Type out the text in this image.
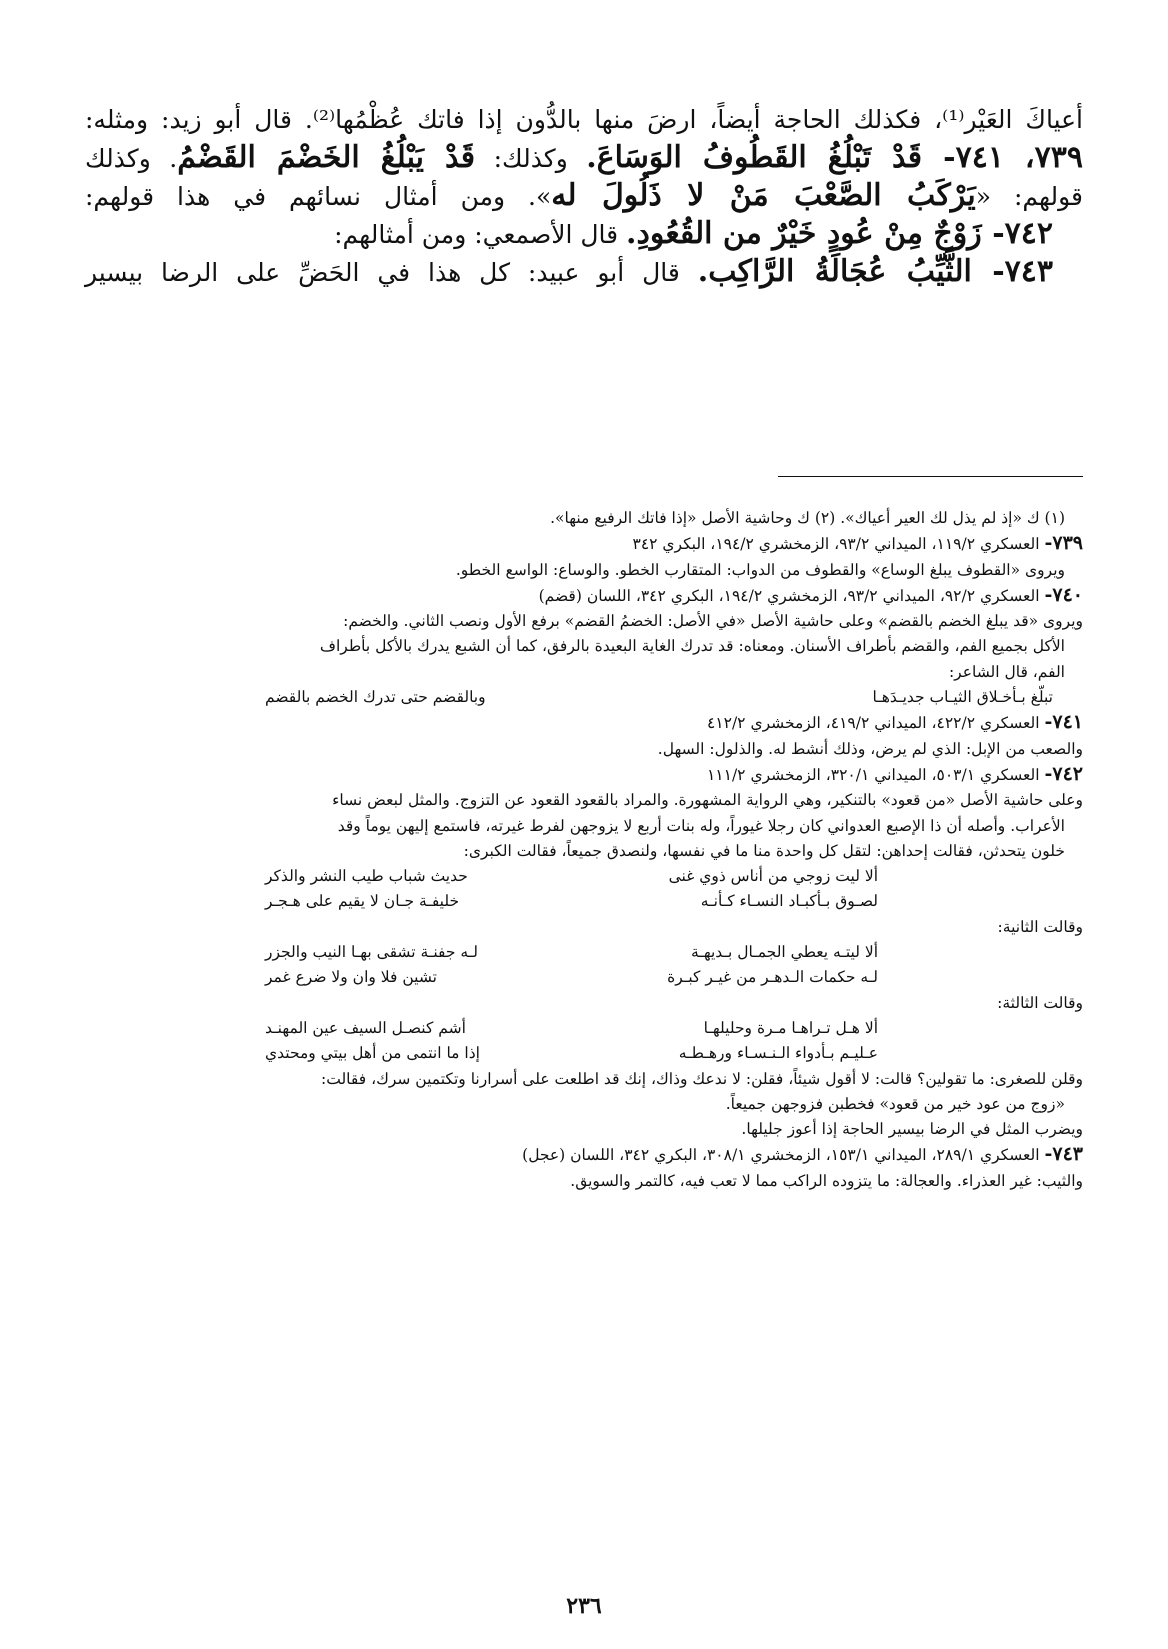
أعياكَ العَيْر⁽¹⁾، فكذلك الحاجة أيضاً، ارضَ منها بالدُّون إذا فاتك عُظْمُها⁽²⁾. قال أبو زيد: ومثله:
٧٣٩، ٧٤١- قَدْ تَبْلُغُ القَطُوفُ الوَسَاعَ. وكذلك: قَدْ يَبْلُغُ الخَضْمَ القَضْمُ. وكذلك
قولهم: «يَرْكَبُ الصَّعْبَ مَنْ لا ذَلُولَ له». ومن أمثال نسائهم في هذا قولهم:
٧٤٢- زَوْجٌ مِنْ عُودٍ خَيْرٌ من القُعُودِ. قال الأصمعي: ومن أمثالهم:
٧٤٣- الثَّيِّبُ عُجَالَةُ الرَّاكِب. قال أبو عبيد: كل هذا في الحَضِّ على الرضا بيسير
(١) ك «إذ لم يذل لك العير أعياك». (٢) ك وحاشية الأصل «إذا فاتك الرفيع منها».
٧٣٩- العسكري ١١٩/٢، الميداني ٩٣/٢، الزمخشري ١٩٤/٢، البكري ٣٤٢
ويروى «القطوف يبلغ الوساع» والقطوف من الدواب: المتقارب الخطو. والوساع: الواسع الخطو.
٧٤٠- العسكري ٩٢/٢، الميداني ٩٣/٢، الزمخشري ١٩٤/٢، البكري ٣٤٢، اللسان (قضم)
ويروى «قد يبلغ الخضم بالقضم» وعلى حاشية الأصل «في الأصل: الخضمُ القضم» برفع الأول ونصب الثاني. والخضم:
الأكل بجميع الفم، والقضم بأطراف الأسنان. ومعناه: قد تدرك الغاية البعيدة بالرفق، كما أن الشبع يدرك بالأكل بأطراف
الفم، قال الشاعر:
تبلّغ بـأخـلاق الثيـاب جديـدَهـا
وبالقضم حتى تدرك الخضم بالقضم
٧٤١- العسكري ٤٢٢/٢، الميداني ٤١٩/٢، الزمخشري ٤١٢/٢
والصعب من الإبل: الذي لم يرض، وذلك أنشط له. والذلول: السهل.
٧٤٢- العسكري ٥٠٣/١، الميداني ٣٢٠/١، الزمخشري ١١١/٢
وعلى حاشية الأصل «من قعود» بالتنكير، وهي الرواية المشهورة. والمراد بالقعود القعود عن التزوج. والمثل لبعض نساء
الأعراب. وأصله أن ذا الإصبع العدواني كان رجلا غيوراً، وله بنات أربع لا يزوجهن لفرط غيرته، فاستمع إليهن يوماً وقد
خلون يتحدثن، فقالت إحداهن: لتقل كل واحدة منا ما في نفسها، ولنصدق جميعاً، فقالت الكبرى:
ألا ليت زوجي من أناس ذوي غنى
حديث شباب طيب النشر والذكر
لصـوق بـأكبـاد النسـاء كـأنـه
خليفـة جـان لا يقيم على هـجـر
وقالت الثانية:
ألا ليتـه يعطي الجمـال بـديهـة
لـه جفنـة تشقى بهـا النيب والجزر
لـه حكمات الـدهـر من غيـر كبـرة
تشين فلا وان ولا ضرع غمر
وقالت الثالثة:
ألا هـل تـراهـا مـرة وحليلهـا
أشم كنصـل السيف عين المهنـد
عـليـم بـأدواء الـنـسـاء ورهـطـه
إذا ما انتمى من أهل بيتي ومحتدي
وقلن للصغرى: ما تقولين؟ قالت: لا أقول شيئاً، فقلن: لا ندعك وذاك، إنك قد اطلعت على أسرارنا وتكتمين سرك، فقالت:
«زوج من عود خير من قعود» فخطبن فزوجهن جميعاً.
ويضرب المثل في الرضا بيسير الحاجة إذا أعوز جليلها.
٧٤٣- العسكري ٢٨٩/١، الميداني ١٥٣/١، الزمخشري ٣٠٨/١، البكري ٣٤٢، اللسان (عجل)
والثيب: غير العذراء. والعجالة: ما يتزوده الراكب مما لا تعب فيه، كالتمر والسويق.
٢٣٦
